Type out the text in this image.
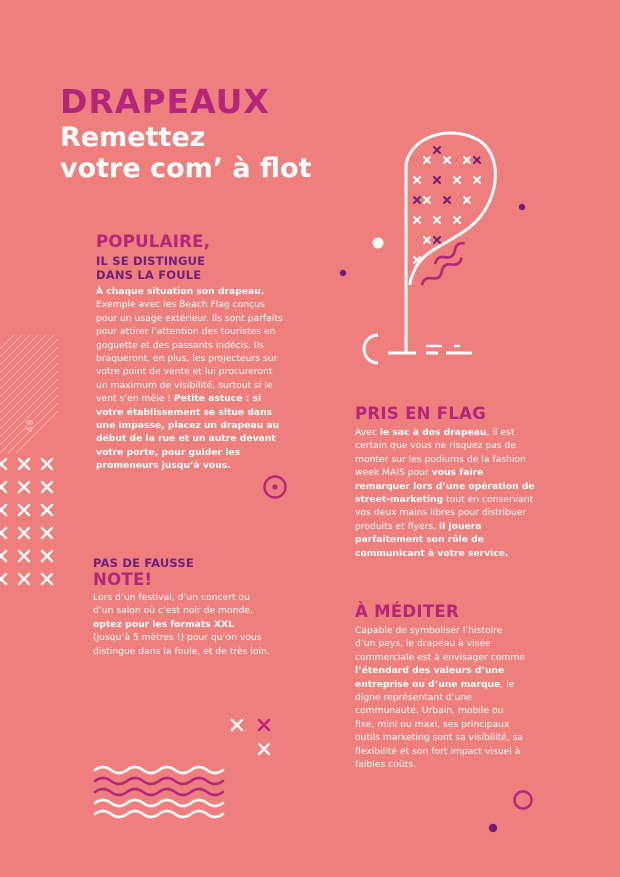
DRAPEAUX
Remettez
votre com’ à flot
48
POPULAIRE,
IL SE DISTINGUE
DANS LA FOULE
À chaque situation son drapeau. Exemple avec les Beach Flag conçus pour un usage extérieur. Ils sont parfaits pour attirer l’attention des touristes en goguette et des passants indécis. Ils braqueront, en plus, les projecteurs sur votre point de vente et lui procureront un maximum de visibilité, surtout si le vent s’en mêle ! Petite astuce : si votre établissement se situe dans une impasse, placez un drapeau au début de la rue et un autre devant votre porte, pour guider les promeneurs jusqu’à vous.
PAS DE FAUSSE
NOTE!
Lors d’un festival, d’un concert ou d’un salon où c’est noir de monde, optez pour les formats XXL (jusqu’à 5 mètres !) pour qu’on vous distingue dans la foule, et de très loin.
PRIS EN FLAG
Avec le sac à dos drapeau, il est certain que vous ne risquez pas de monter sur les podiums de la fashion week MAIS pour vous faire remarquer lors d’une opération de street-marketing tout en conservant vos deux mains libres pour distribuer produits et flyers, il jouera parfaitement son rôle de communicant à votre service.
À MÉDITER
Capable de symboliser l’histoire d’un pays, le drapeau à visée commerciale est à envisager comme l’étendard des valeurs d’une entreprise ou d’une marque, le digne représentant d’une communauté. Urbain, mobile ou fixe, mini ou maxi, ses principaux outils marketing sont sa visibilité, sa flexibilité et son fort impact visuel à faibles coûts.
